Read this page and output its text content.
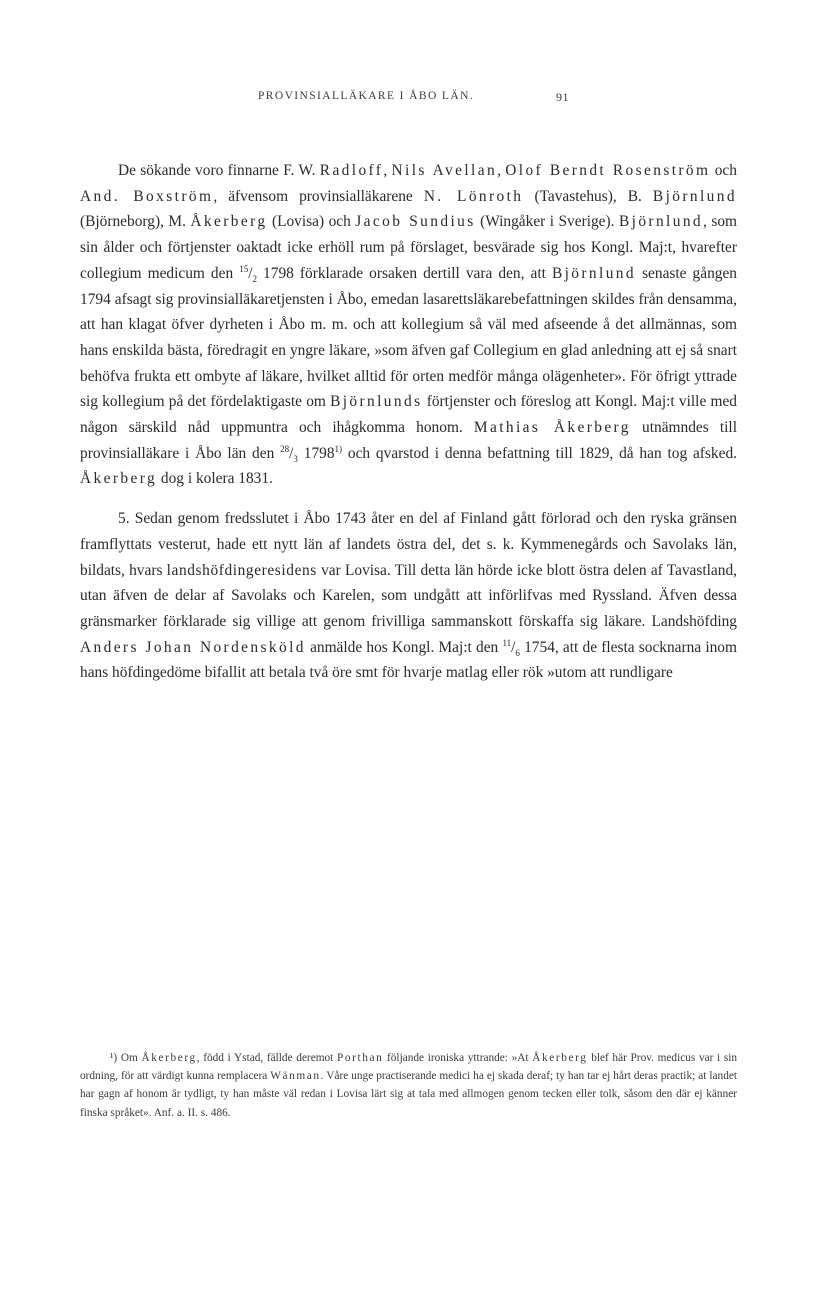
PROVINSIALLÄKARE I ÅBO LÄN.	91

De sökande voro finnarne F. W. Radloff, Nils Avellan, Olof Berndt Rosenström och And. Boxström, äfvensom provinsialläkarene N. Lönroth (Tavastehus), B. Björnlund (Björneborg), M. Åkerberg (Lovisa) och Jacob Sundius (Wingåker i Sverige). Björnlund, som sin ålder och förtjenster oaktadt icke erhöll rum på förslaget, besvärade sig hos Kongl. Maj:t, hvarefter collegium medicum den $^{15}/_2$ 1798 förklarade orsaken dertill vara den, att Björnlund senaste gången 1794 afsagt sig provinsialläkaretjensten i Åbo, emedan lasarettsläkarebefattningen skildes från densamma, att han klagat öfver dyrheten i Åbo m. m. och att kollegium så väl med afseende å det allmännas, som hans enskilda bästa, föredragit en yngre läkare, »som äfven gaf Collegium en glad anledning att ej så snart behöfva frukta ett ombyte af läkare, hvilket alltid för orten medför många olägenheter». För öfrigt yttrade sig kollegium på det fördelaktigaste om Björnlunds förtjenster och föreslog att Kongl. Maj:t ville med någon särskild nåd uppmuntra och ihågkomma honom. Mathias Åkerberg utnämndes till provinsialläkare i Åbo län den $^{28}/_3$ 1798$^{1)}$ och qvarstod i denna befattning till 1829, då han tog afsked. Åkerberg dog i kolera 1831.

5. Sedan genom fredsslutet i Åbo 1743 åter en del af Finland gått förlorad och den ryska gränsen framflyttats vesterut, hade ett nytt län af landets östra del, det s. k. Kymmenegårds och Savolaks län, bildats, hvars landshöfdingeresidens var Lovisa. Till detta län hörde icke blott östra delen af Tavastland, utan äfven de delar af Savolaks och Karelen, som undgått att införlifvas med Ryssland. Äfven dessa gränsmarker förklarade sig villige att genom frivilliga sammanskott förskaffa sig läkare. Landshöfding Anders Johan Nordensköld anmälde hos Kongl. Maj:t den $^{11}/_6$ 1754, att de flesta socknarna inom hans höfdingedöme bifallit att betala två öre smt för hvarje matlag eller rök »utom att rundligare

¹) Om Åkerberg, född i Ystad, fällde deremot Porthan följande ironiska yttrande: »At Åkerberg blef här Prov. medicus var i sin ordning, för att värdigt kunna remplacera Wänman. Våre unge practiserande medici ha ej skada deraf; ty han tar ej hårt deras practik; at landet har gagn af honom är tydligt, ty han måste väl redan i Lovisa lärt sig at tala med allmogen genom tecken eller tolk, såsom den där ej känner finska språket». Anf. a. II. s. 486.
